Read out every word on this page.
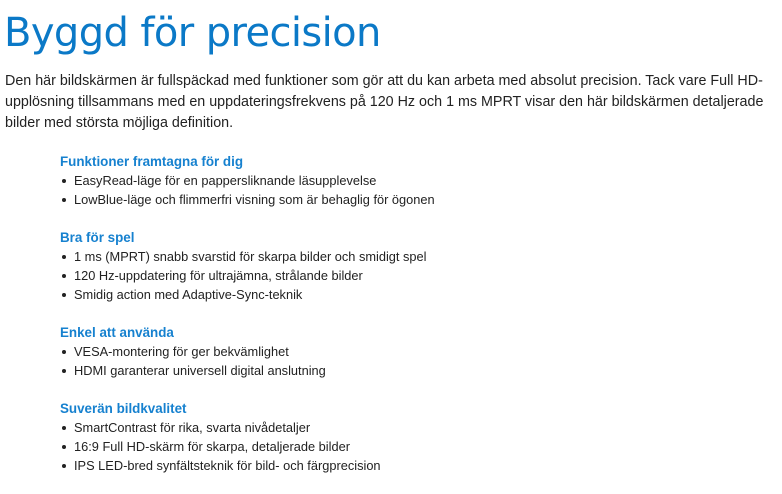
Byggd för precision

Den här bildskärmen är fullspäckad med funktioner som gör att du kan arbeta med absolut precision. Tack vare Full HD-upplösning tillsammans med en uppdateringsfrekvens på 120 Hz och 1 ms MPRT visar den här bildskärmen detaljerade bilder med största möjliga definition.

Funktioner framtagna för dig
EasyRead-läge för en pappersliknande läsupplevelse
LowBlue-läge och flimmerfri visning som är behaglig för ögonen
Bra för spel
1 ms (MPRT) snabb svarstid för skarpa bilder och smidigt spel
120 Hz-uppdatering för ultrajämna, strålande bilder
Smidig action med Adaptive-Sync-teknik
Enkel att använda
VESA-montering för ger bekvämlighet
HDMI garanterar universell digital anslutning
Suverän bildkvalitet
SmartContrast för rika, svarta nivådetaljer
16:9 Full HD-skärm för skarpa, detaljerade bilder
IPS LED-bred synfältsteknik för bild- och färgprecision
